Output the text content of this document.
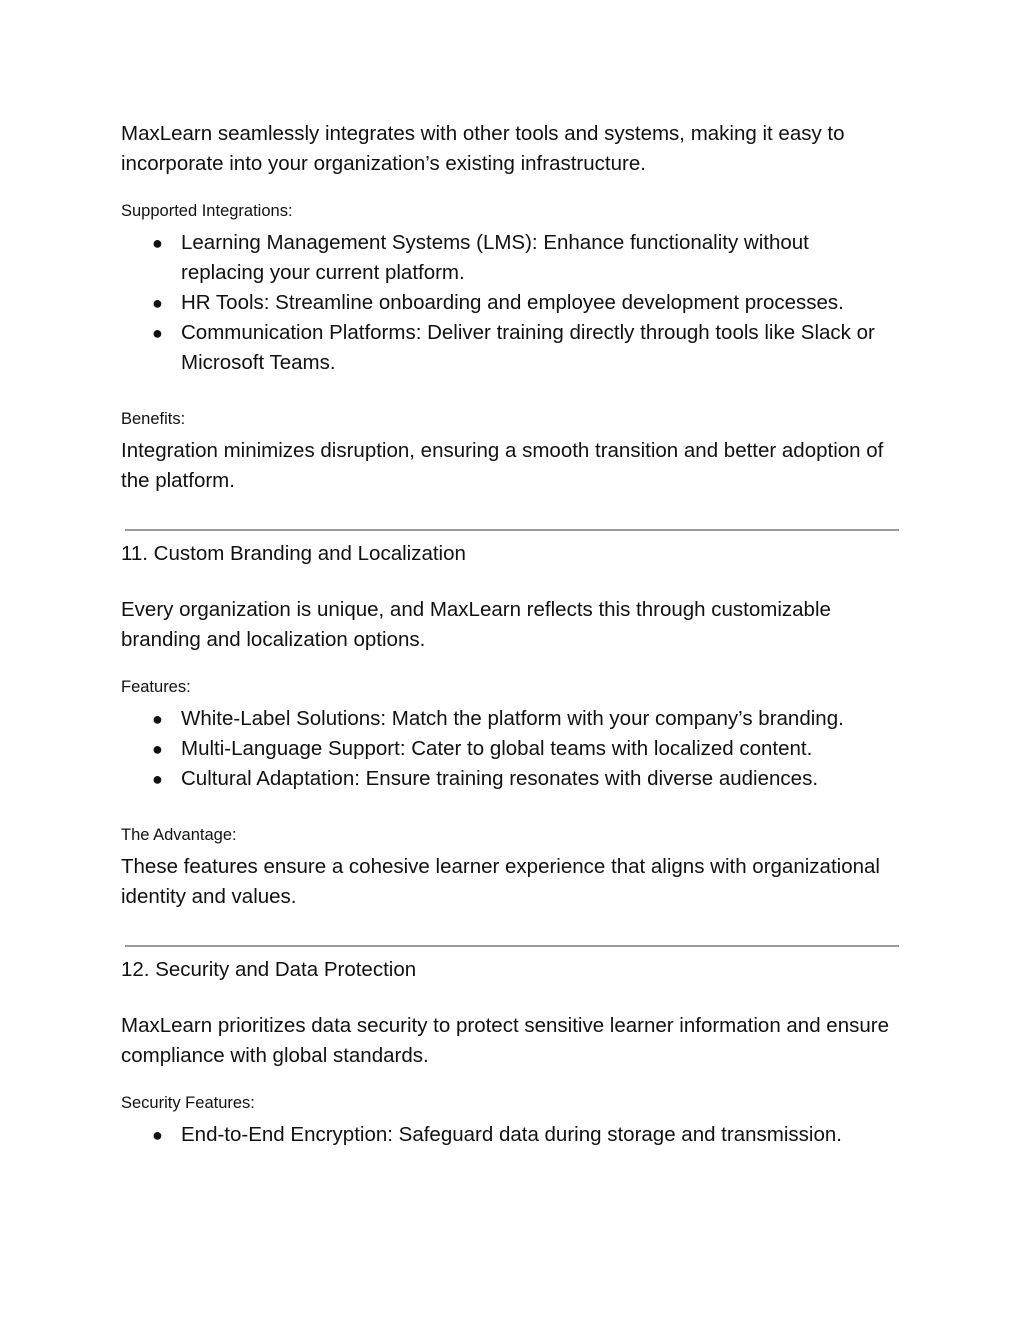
MaxLearn seamlessly integrates with other tools and systems, making it easy to incorporate into your organization’s existing infrastructure.

Supported Integrations:

● Learning Management Systems (LMS): Enhance functionality without replacing your current platform.
● HR Tools: Streamline onboarding and employee development processes.
● Communication Platforms: Deliver training directly through tools like Slack or Microsoft Teams.

Benefits:

Integration minimizes disruption, ensuring a smooth transition and better adoption of the platform.

11. Custom Branding and Localization

Every organization is unique, and MaxLearn reflects this through customizable branding and localization options.

Features:

● White-Label Solutions: Match the platform with your company’s branding.
● Multi-Language Support: Cater to global teams with localized content.
● Cultural Adaptation: Ensure training resonates with diverse audiences.

The Advantage:

These features ensure a cohesive learner experience that aligns with organizational identity and values.

12. Security and Data Protection

MaxLearn prioritizes data security to protect sensitive learner information and ensure compliance with global standards.

Security Features:

● End-to-End Encryption: Safeguard data during storage and transmission.
